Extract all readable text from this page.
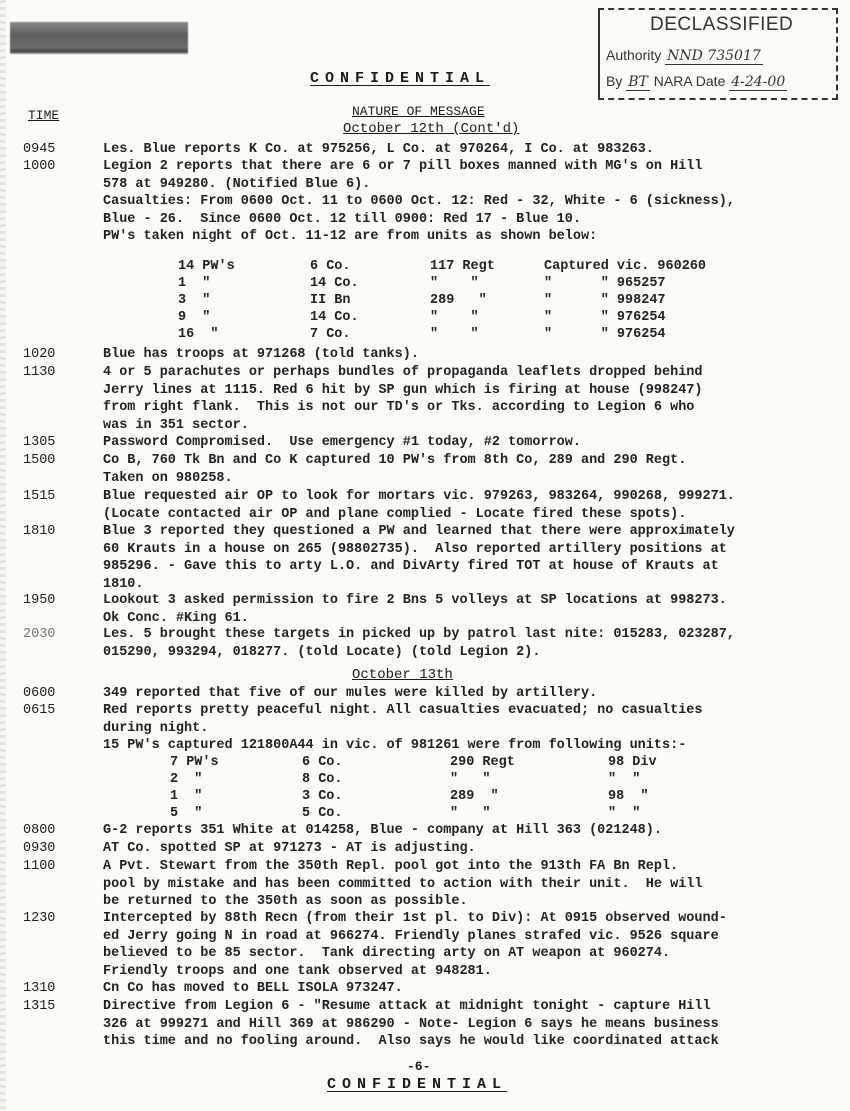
DECLASSIFIED
Authority NND 735017
By BT NARA Date 4-24-00
CONFIDENTIAL
TIME	NATURE OF MESSAGE
October 12th (Cont'd)
0945	Les. Blue reports K Co. at 975256, L Co. at 970264, I Co. at 983263.
1000	Legion 2 reports that there are 6 or 7 pill boxes manned with MG's on Hill
578 at 949280. (Notified Blue 6).
Casualties: From 0600 Oct. 11 to 0600 Oct. 12: Red - 32, White - 6 (sickness),
Blue - 26.  Since 0600 Oct. 12 till 0900: Red 17 - Blue 10.
PW's taken night of Oct. 11-12 are from units as shown below:
1020	Blue has troops at 971268 (told tanks).
1130	4 or 5 parachutes or perhaps bundles of propaganda leaflets dropped behind
Jerry lines at 1115. Red 6 hit by SP gun which is firing at house (998247)
from right flank.  This is not our TD's or Tks. according to Legion 6 who
was in 351 sector.
1305	Password Compromised.  Use emergency #1 today, #2 tomorrow.
1500	Co B, 760 Tk Bn and Co K captured 10 PW's from 8th Co, 289 and 290 Regt.
Taken on 980258.
1515	Blue requested air OP to look for mortars vic. 979263, 983264, 990268, 999271.
(Locate contacted air OP and plane complied - Locate fired these spots).
1810	Blue 3 reported they questioned a PW and learned that there were approximately
60 Krauts in a house on 265 (98802735).  Also reported artillery positions at
985296. - Gave this to arty L.O. and DivArty fired TOT at house of Krauts at
1810.
1950	Lookout 3 asked permission to fire 2 Bns 5 volleys at SP locations at 998273.
Ok Conc. #King 61.
2030	Les. 5 brought these targets in picked up by patrol last nite: 015283, 023287,
015290, 993294, 018277. (told Locate) (told Legion 2).
0600	349 reported that five of our mules were killed by artillery.
0615	Red reports pretty peaceful night. All casualties evacuated; no casualties
during night.
15 PW's captured 121800A44 in vic. of 981261 were from following units:-
0800	G-2 reports 351 White at 014258, Blue - company at Hill 363 (021248).
0930	AT Co. spotted SP at 971273 - AT is adjusting.
1100	A Pvt. Stewart from the 350th Repl. pool got into the 913th FA Bn Repl.
pool by mistake and has been committed to action with their unit.  He will
be returned to the 350th as soon as possible.
1230	Intercepted by 88th Recn (from their 1st pl. to Div): At 0915 observed wound-
ed Jerry going N in road at 966274. Friendly planes strafed vic. 9526 square
believed to be 85 sector.  Tank directing arty on AT weapon at 960274.
Friendly troops and one tank observed at 948281.
1310	Cn Co has moved to BELL ISOLA 973247.
1315	Directive from Legion 6 - "Resume attack at midnight tonight - capture Hill
326 at 999271 and Hill 369 at 986290 - Note- Legion 6 says he means business
this time and no fooling around.  Also says he would like coordinated attack
October 13th
14 PW's	6 Co.	117 Regt	Captured vic. 960260
1  "	14 Co.	"    "	"      " 965257
3  "	II Bn	289   "	"      " 998247
9  "	14 Co.	"    "	"      " 976254
16  "	7 Co.	"    "	"      " 976254
7 PW's	6 Co.	290 Regt	98 Div
2  "	8 Co.	"   "	"  "
1  "	3 Co.	289  "	98  "
5  "	5 Co.	"   "	"  "
-6-
CONFIDENTIAL
